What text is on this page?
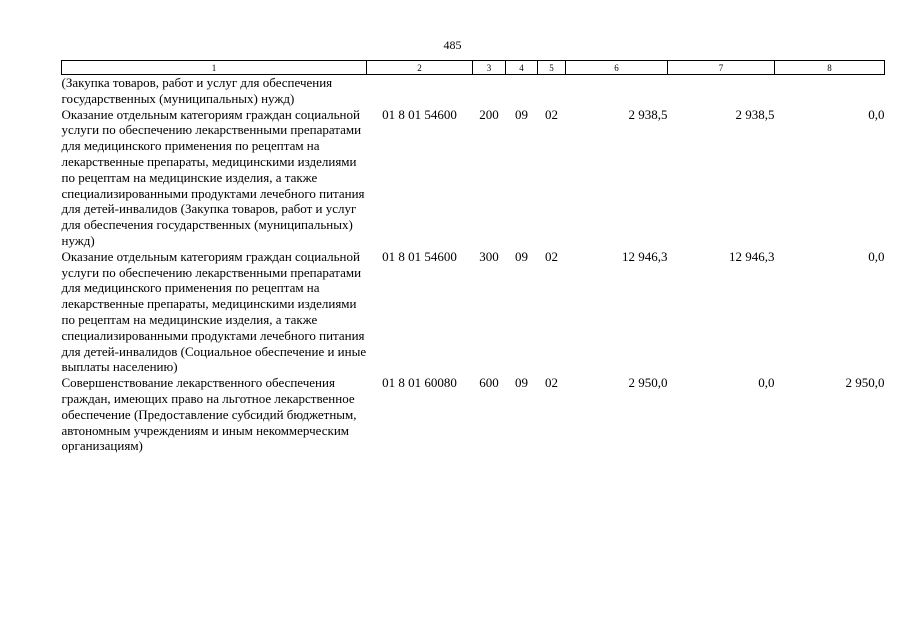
485
1	2	3	4	5	6	7	8
(Закупка товаров, работ и услуг для обеспечения государственных (муниципальных) нужд)							
Оказание отдельным категориям граждан социальной услуги по обеспечению лекарственными препаратами для медицинского применения по рецептам на лекарственные препараты, медицинскими изделиями по рецептам на медицинские изделия, а также специализированными продуктами лечебного питания для детей-инвалидов (Закупка товаров, работ и услуг для обеспечения государственных (муниципальных) нужд)	01 8 01 54600	200	09	02	2 938,5	2 938,5	0,0
Оказание отдельным категориям граждан социальной услуги по обеспечению лекарственными препаратами для медицинского применения по рецептам на лекарственные препараты, медицинскими изделиями по рецептам на медицинские изделия, а также специализированными продуктами лечебного питания для детей-инвалидов (Социальное обеспечение и иные выплаты населению)	01 8 01 54600	300	09	02	12 946,3	12 946,3	0,0
Совершенствование лекарственного обеспечения граждан, имеющих право на льготное лекарственное обеспечение (Предоставление субсидий бюджетным, автономным учреждениям и иным некоммерческим организациям)	01 8 01 60080	600	09	02	2 950,0	0,0	2 950,0
